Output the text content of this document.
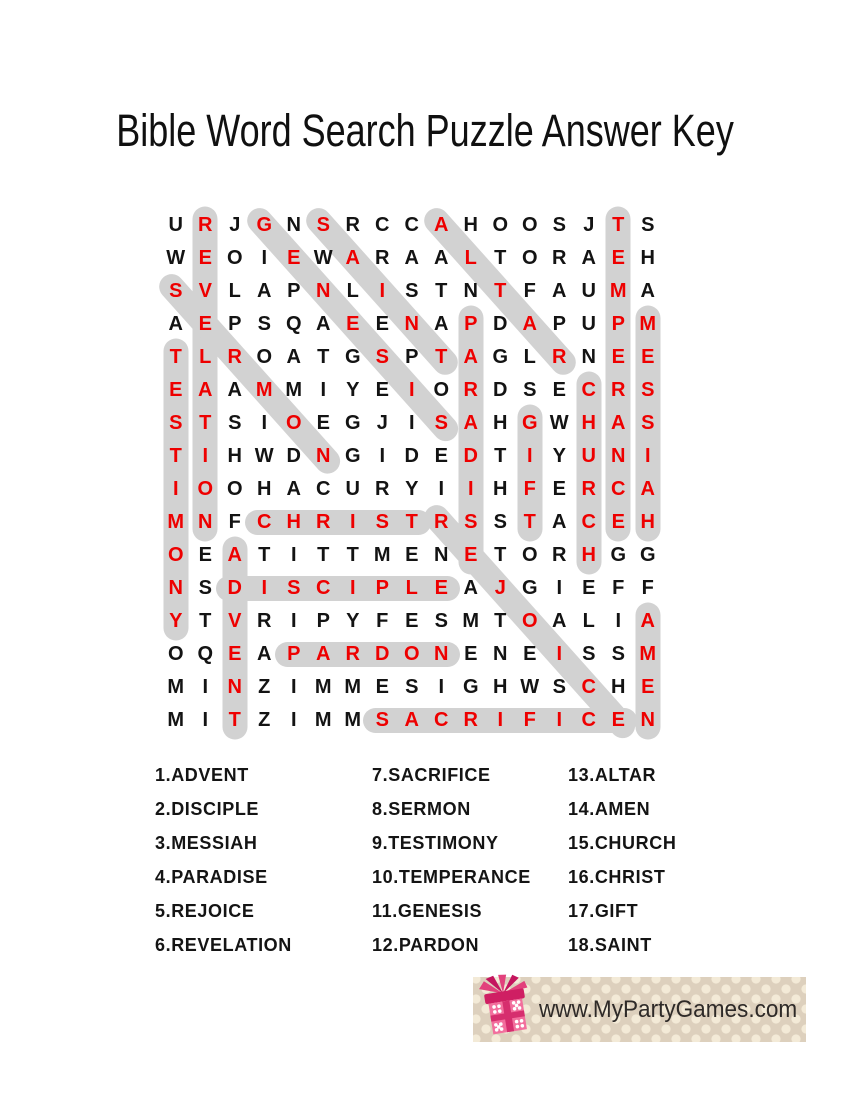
Bible Word Search Puzzle Answer Key
U R J G N S R C C A H O O S J T S
W E O I	E W A R A A L T O R A E H
S V L A P N L	I	S T N T F A U M A
A E P S Q A E E N A P D A P U P M
T L R O A T G S P T A G L R N E E
E A A M M I	Y E	I O R D S E C R S
S T S	I O E G J	I	S A H G W H A S
T	I H W D N G I D E D T	I	Y U N I
I O O H A C U R Y	I	I H F E R C A
M N F C H R I	S T R S S T A C E H
O E A T	I	T T M E N E T O R H G G
N S D I	S C I	P L E A J G I	E F F
Y T V R I	P Y F E S M T O A L	I A
O Q E A P A R D O N E N E	I	S S M
M I N Z	I M M E S	I G H W S C H E
M I	T Z	I M M S A C R I	F	I C E N
1.ADVENT
2.DISCIPLE
3.MESSIAH
4.PARADISE
5.REJOICE
6.REVELATION
7.SACRIFICE
8.SERMON
9.TESTIMONY
10.TEMPERANCE
11.GENESIS
12.PARDON
13.ALTAR
14.AMEN
15.CHURCH
16.CHRIST
17.GIFT
18.SAINT
www.MyPartyGames.com
